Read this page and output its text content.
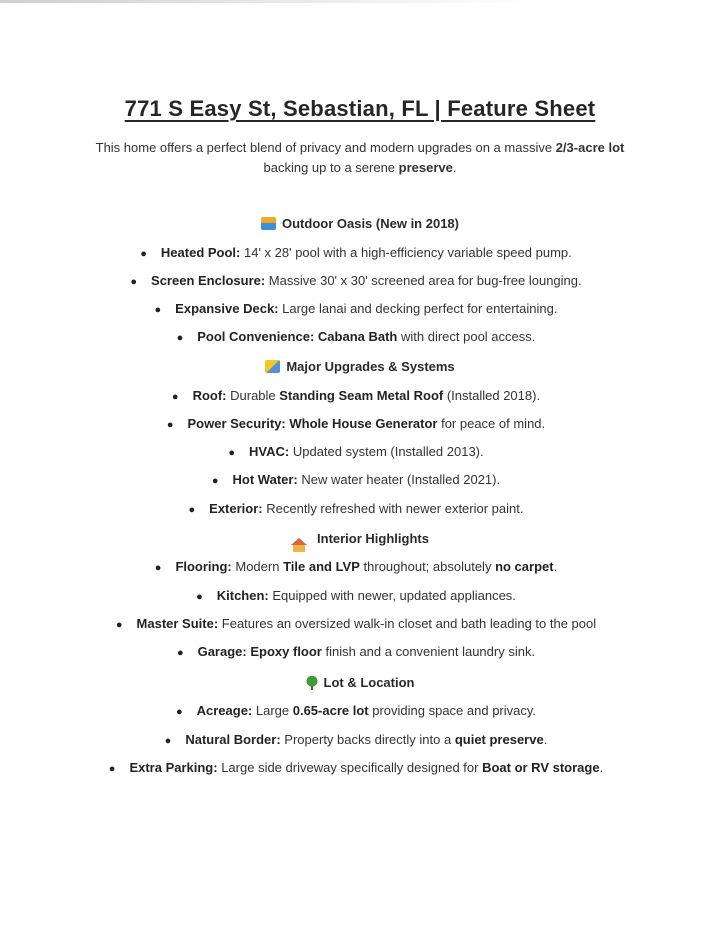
771 S Easy St, Sebastian, FL | Feature Sheet

This home offers a perfect blend of privacy and modern upgrades on a massive 2/3-acre lot backing up to a serene preserve.

Outdoor Oasis (New in 2018)

● Heated Pool: 14' x 28' pool with a high-efficiency variable speed pump.

● Screen Enclosure: Massive 30' x 30' screened area for bug-free lounging.

● Expansive Deck: Large lanai and decking perfect for entertaining.

● Pool Convenience: Cabana Bath with direct pool access.

Major Upgrades & Systems

● Roof: Durable Standing Seam Metal Roof (Installed 2018).

● Power Security: Whole House Generator for peace of mind.

● HVAC: Updated system (Installed 2013).

● Hot Water: New water heater (Installed 2021).

● Exterior: Recently refreshed with newer exterior paint.

Interior Highlights

● Flooring: Modern Tile and LVP throughout; absolutely no carpet.

● Kitchen: Equipped with newer, updated appliances.

● Master Suite: Features an oversized walk-in closet and bath leading to the pool

● Garage: Epoxy floor finish and a convenient laundry sink.

Lot & Location

● Acreage: Large 0.65-acre lot providing space and privacy.

● Natural Border: Property backs directly into a quiet preserve.

● Extra Parking: Large side driveway specifically designed for Boat or RV storage.
